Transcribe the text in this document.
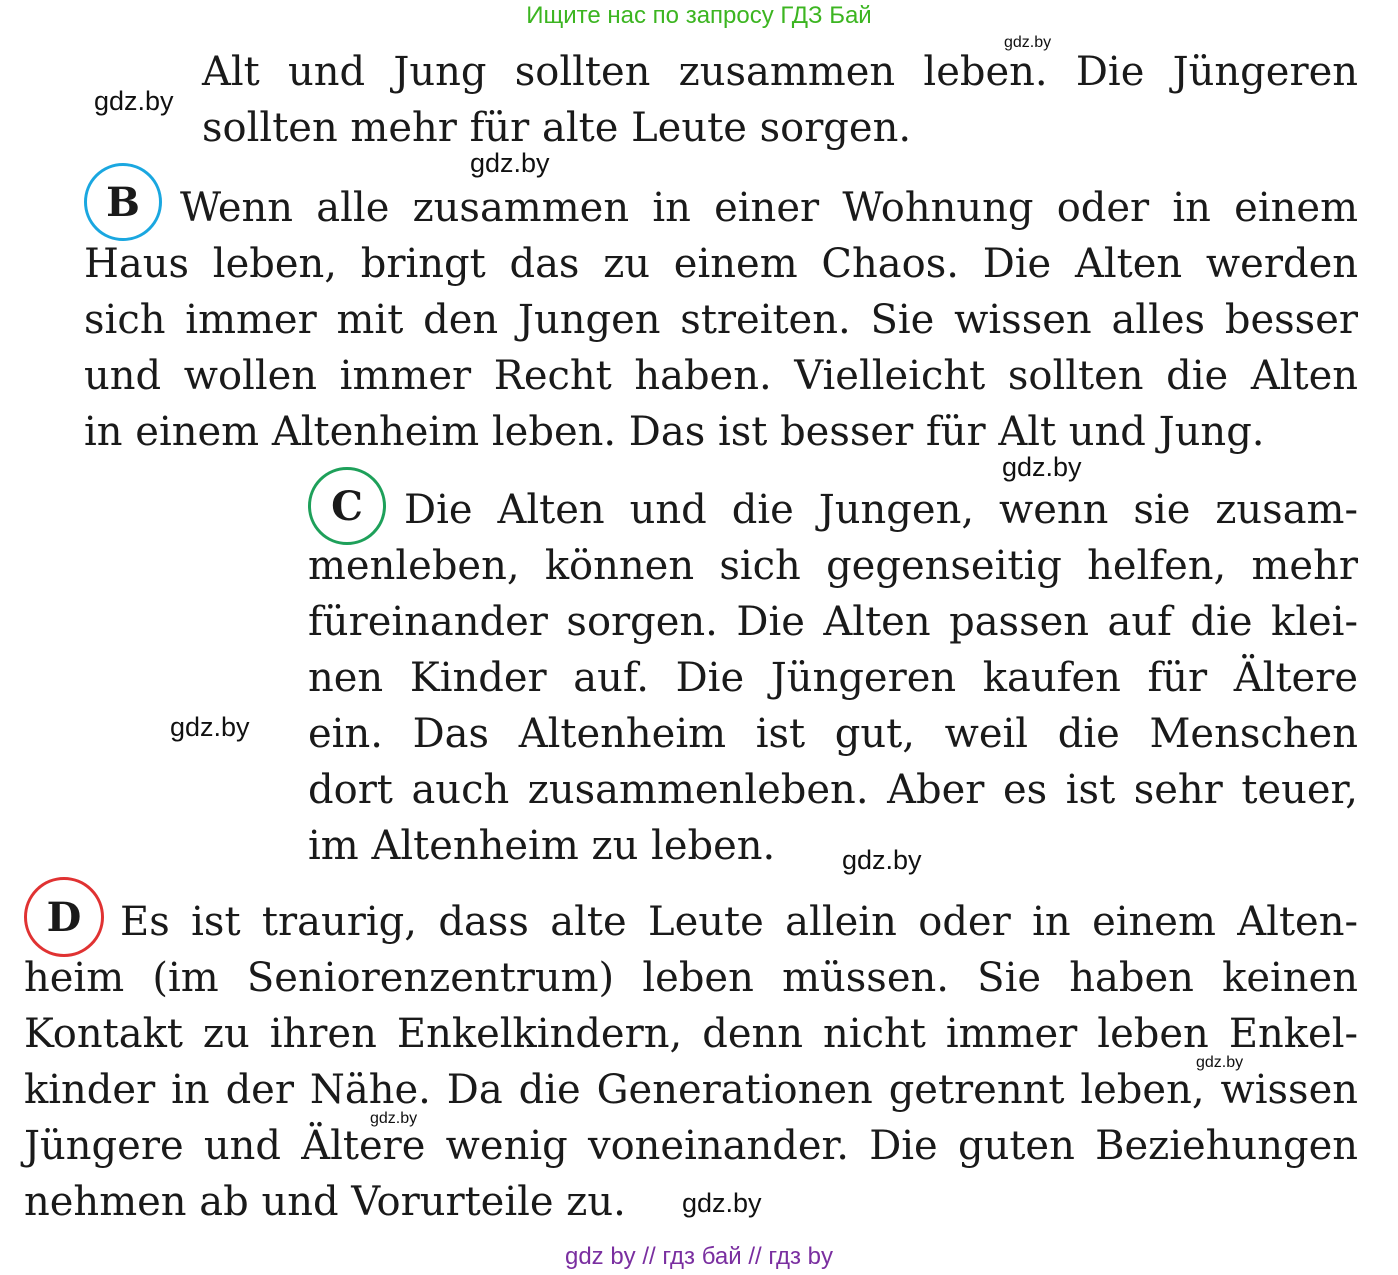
Ищите нас по запросу ГДЗ Бай
gdz by // гдз бай // гдз by
Alt und Jung sollten zusammen leben. Die Jüngeren
sollten mehr für alte Leute sorgen.
B Wenn alle zusammen in einer Wohnung oder in einem
Haus leben, bringt das zu einem Chaos. Die Alten werden
sich immer mit den Jungen streiten. Sie wissen alles besser
und wollen immer Recht haben. Vielleicht sollten die Alten
in einem Altenheim leben. Das ist besser für Alt und Jung.
C Die Alten und die Jungen, wenn sie zusam-
menleben, können sich gegenseitig helfen, mehr
füreinander sorgen. Die Alten passen auf die klei-
nen Kinder auf. Die Jüngeren kaufen für Ältere
ein. Das Altenheim ist gut, weil die Menschen
dort auch zusammenleben. Aber es ist sehr teuer,
im Altenheim zu leben.
D Es ist traurig, dass alte Leute allein oder in einem Alten-
heim (im Seniorenzentrum) leben müssen. Sie haben keinen
Kontakt zu ihren Enkelkindern, denn nicht immer leben Enkel-
kinder in der Nähe. Da die Generationen getrennt leben, wissen
Jüngere und Ältere wenig voneinander. Die guten Beziehungen
nehmen ab und Vorurteile zu.
gdz.by
gdz.by
gdz.by
gdz.by
gdz.by
gdz.by
gdz.by
gdz.by
gdz.by
